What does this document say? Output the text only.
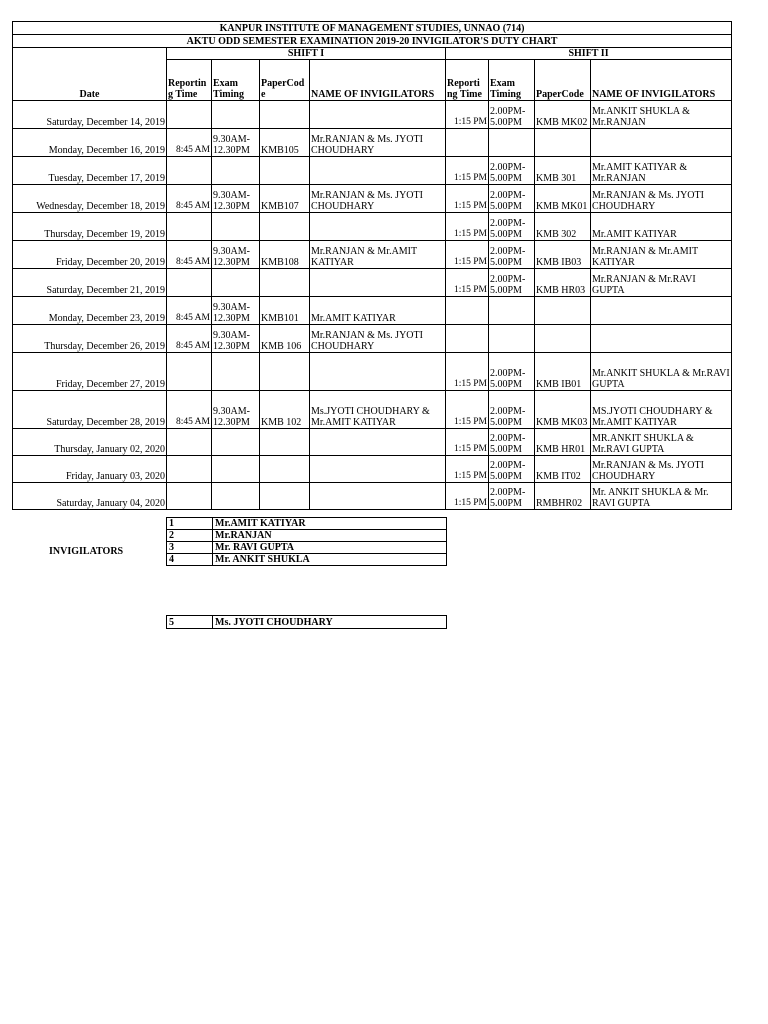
KANPUR INSTITUTE OF MANAGEMENT STUDIES, UNNAO (714)								
AKTU ODD SEMESTER EXAMINATION 2019-20 INVIGILATOR'S DUTY CHART								
Date	SHIFT I				SHIFT II			
	Reportin g Time	Exam Timing	PaperCod e	NAME OF INVIGILATORS	Reporti ng Time	Exam Timing	PaperCode	NAME OF INVIGILATORS
Saturday, December 14, 2019					1:15 PM	2.00PM- 5.00PM	KMB MK02	Mr.ANKIT SHUKLA & Mr.RANJAN
Monday, December 16, 2019	8:45 AM	9.30AM- 12.30PM	KMB105	Mr.RANJAN & Ms. JYOTI CHOUDHARY				
Tuesday, December 17, 2019					1:15 PM	2.00PM- 5.00PM	KMB 301	Mr.AMIT KATIYAR & Mr.RANJAN
Wednesday, December 18, 2019	8:45 AM	9.30AM- 12.30PM	KMB107	Mr.RANJAN & Ms. JYOTI CHOUDHARY	1:15 PM	2.00PM- 5.00PM	KMB MK01	Mr.RANJAN & Ms. JYOTI CHOUDHARY
Thursday, December 19, 2019					1:15 PM	2.00PM- 5.00PM	KMB 302	Mr.AMIT KATIYAR
Friday, December 20, 2019	8:45 AM	9.30AM- 12.30PM	KMB108	Mr.RANJAN & Mr.AMIT KATIYAR	1:15 PM	2.00PM- 5.00PM	KMB IB03	Mr.RANJAN & Mr.AMIT KATIYAR
Saturday, December 21, 2019					1:15 PM	2.00PM- 5.00PM	KMB HR03	Mr.RANJAN & Mr.RAVI GUPTA
Monday, December 23, 2019	8:45 AM	9.30AM- 12.30PM	KMB101	Mr.AMIT KATIYAR				
Thursday, December 26, 2019	8:45 AM	9.30AM- 12.30PM	KMB 106	Mr.RANJAN & Ms. JYOTI CHOUDHARY				
Friday, December 27, 2019					1:15 PM	2.00PM- 5.00PM	KMB IB01	Mr.ANKIT SHUKLA & Mr.RAVI GUPTA
Saturday, December 28, 2019	8:45 AM	9.30AM- 12.30PM	KMB 102	Ms.JYOTI CHOUDHARY & Mr.AMIT KATIYAR	1:15 PM	2.00PM- 5.00PM	KMB MK03	MS.JYOTI CHOUDHARY & Mr.AMIT KATIYAR
Thursday, January 02, 2020					1:15 PM	2.00PM- 5.00PM	KMB HR01	MR.ANKIT SHUKLA & Mr.RAVI GUPTA
Friday, January 03, 2020					1:15 PM	2.00PM- 5.00PM	KMB IT02	Mr.RANJAN & Ms. JYOTI CHOUDHARY
Saturday, January 04, 2020					1:15 PM	2.00PM- 5.00PM	RMBHR02	Mr. ANKIT SHUKLA & Mr. RAVI GUPTA
INVIGILATORS
1	Mr.AMIT KATIYAR
2	Mr.RANJAN
3	Mr. RAVI GUPTA
4	Mr. ANKIT SHUKLA
5	Ms. JYOTI CHOUDHARY
